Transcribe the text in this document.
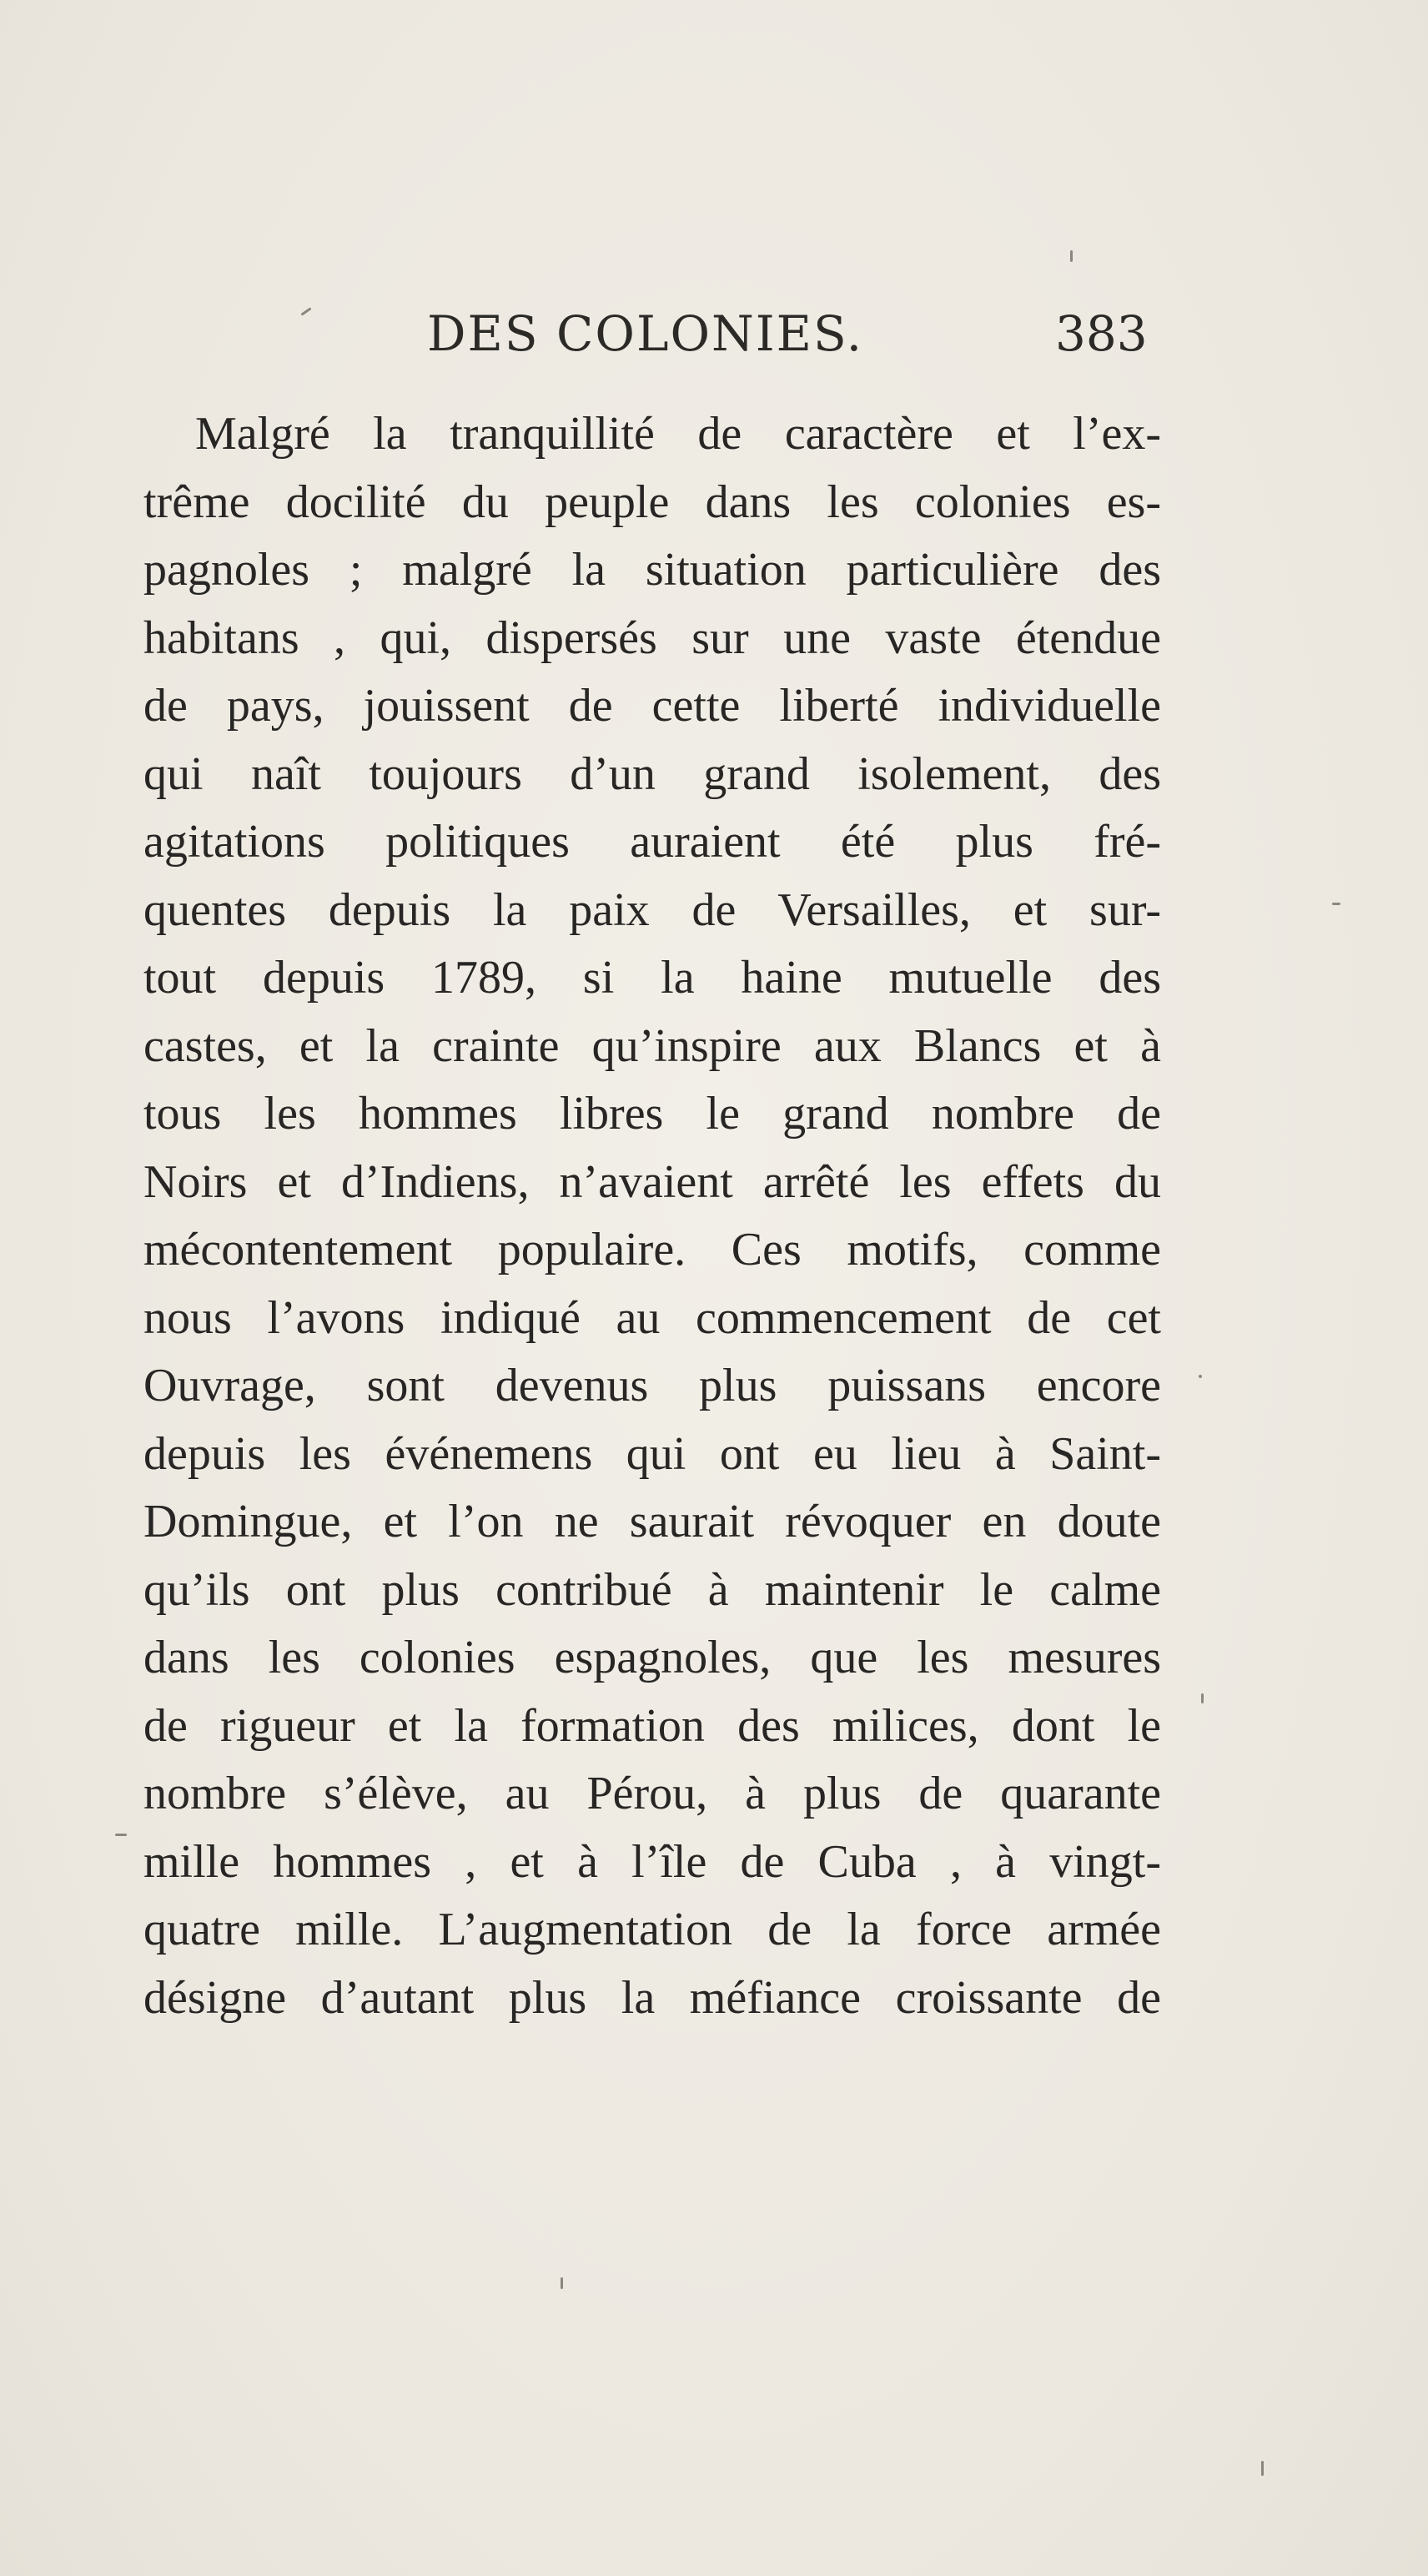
DES COLONIES.	383
Malgré la tranquillité de caractère et l’ex-
trême docilité du peuple dans les colonies es-
pagnoles ; malgré la situation particulière des
habitans , qui, dispersés sur une vaste étendue
de pays, jouissent de cette liberté individuelle
qui naît toujours d’un grand isolement, des
agitations politiques auraient été plus fré-
quentes depuis la paix de Versailles, et sur-
tout depuis 1789, si la haine mutuelle des
castes, et la crainte qu’inspire aux Blancs et à
tous les hommes libres le grand nombre de
Noirs et d’Indiens, n’avaient arrêté les effets du
mécontentement populaire. Ces motifs, comme
nous l’avons indiqué au commencement de cet
Ouvrage, sont devenus plus puissans encore
depuis les événemens qui ont eu lieu à Saint-
Domingue, et l’on ne saurait révoquer en doute
qu’ils ont plus contribué à maintenir le calme
dans les colonies espagnoles, que les mesures
de rigueur et la formation des milices, dont le
nombre s’élève, au Pérou, à plus de quarante
mille hommes , et à l’île de Cuba , à vingt-
quatre mille. L’augmentation de la force armée
désigne d’autant plus la méfiance croissante de
